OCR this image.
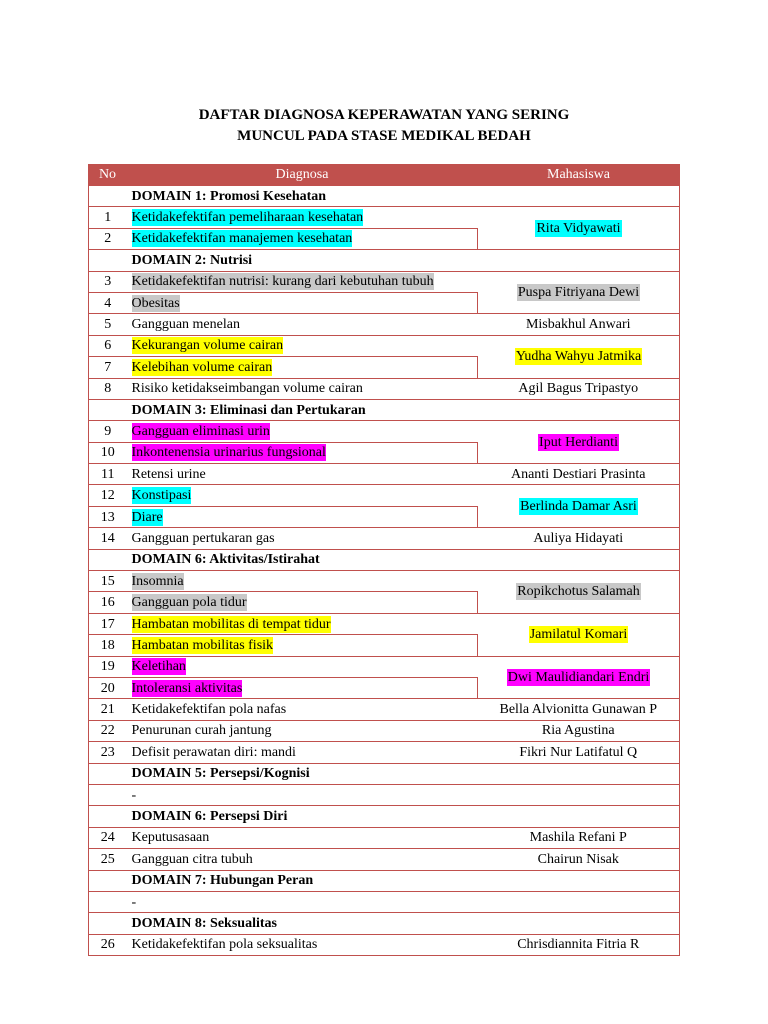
DAFTAR DIAGNOSA KEPERAWATAN YANG SERING
MUNCUL PADA STASE MEDIKAL BEDAH
No	Diagnosa	Mahasiswa
	DOMAIN 1: Promosi Kesehatan	
1	Ketidakefektifan pemeliharaan kesehatan	Rita Vidyawati
2	Ketidakefektifan manajemen kesehatan	
	DOMAIN 2: Nutrisi	
3	Ketidakefektifan nutrisi: kurang dari kebutuhan tubuh	Puspa Fitriyana Dewi
4	Obesitas	
5	Gangguan menelan	Misbakhul Anwari
6	Kekurangan volume cairan	Yudha Wahyu Jatmika
7	Kelebihan volume cairan	
8	Risiko ketidakseimbangan volume cairan	Agil Bagus Tripastyo
	DOMAIN 3: Eliminasi dan Pertukaran	
9	Gangguan eliminasi urin	Iput Herdianti
10	Inkontenensia urinarius fungsional	
11	Retensi urine	Ananti Destiari Prasinta
12	Konstipasi	Berlinda Damar Asri
13	Diare	
14	Gangguan pertukaran gas	Auliya Hidayati
	DOMAIN 6: Aktivitas/Istirahat	
15	Insomnia	Ropikchotus Salamah
16	Gangguan pola tidur	
17	Hambatan mobilitas di tempat tidur	Jamilatul Komari
18	Hambatan mobilitas fisik	
19	Keletihan	Dwi Maulidiandari Endri
20	Intoleransi aktivitas	
21	Ketidakefektifan pola nafas	Bella Alvionitta Gunawan P
22	Penurunan curah jantung	Ria Agustina
23	Defisit perawatan diri: mandi	Fikri Nur Latifatul Q
	DOMAIN 5: Persepsi/Kognisi	
	-	
	DOMAIN 6: Persepsi Diri	
24	Keputusasaan	Mashila Refani P
25	Gangguan citra tubuh	Chairun Nisak
	DOMAIN 7: Hubungan Peran	
	-	
	DOMAIN 8: Seksualitas	
26	Ketidakefektifan pola seksualitas	Chrisdiannita Fitria R
